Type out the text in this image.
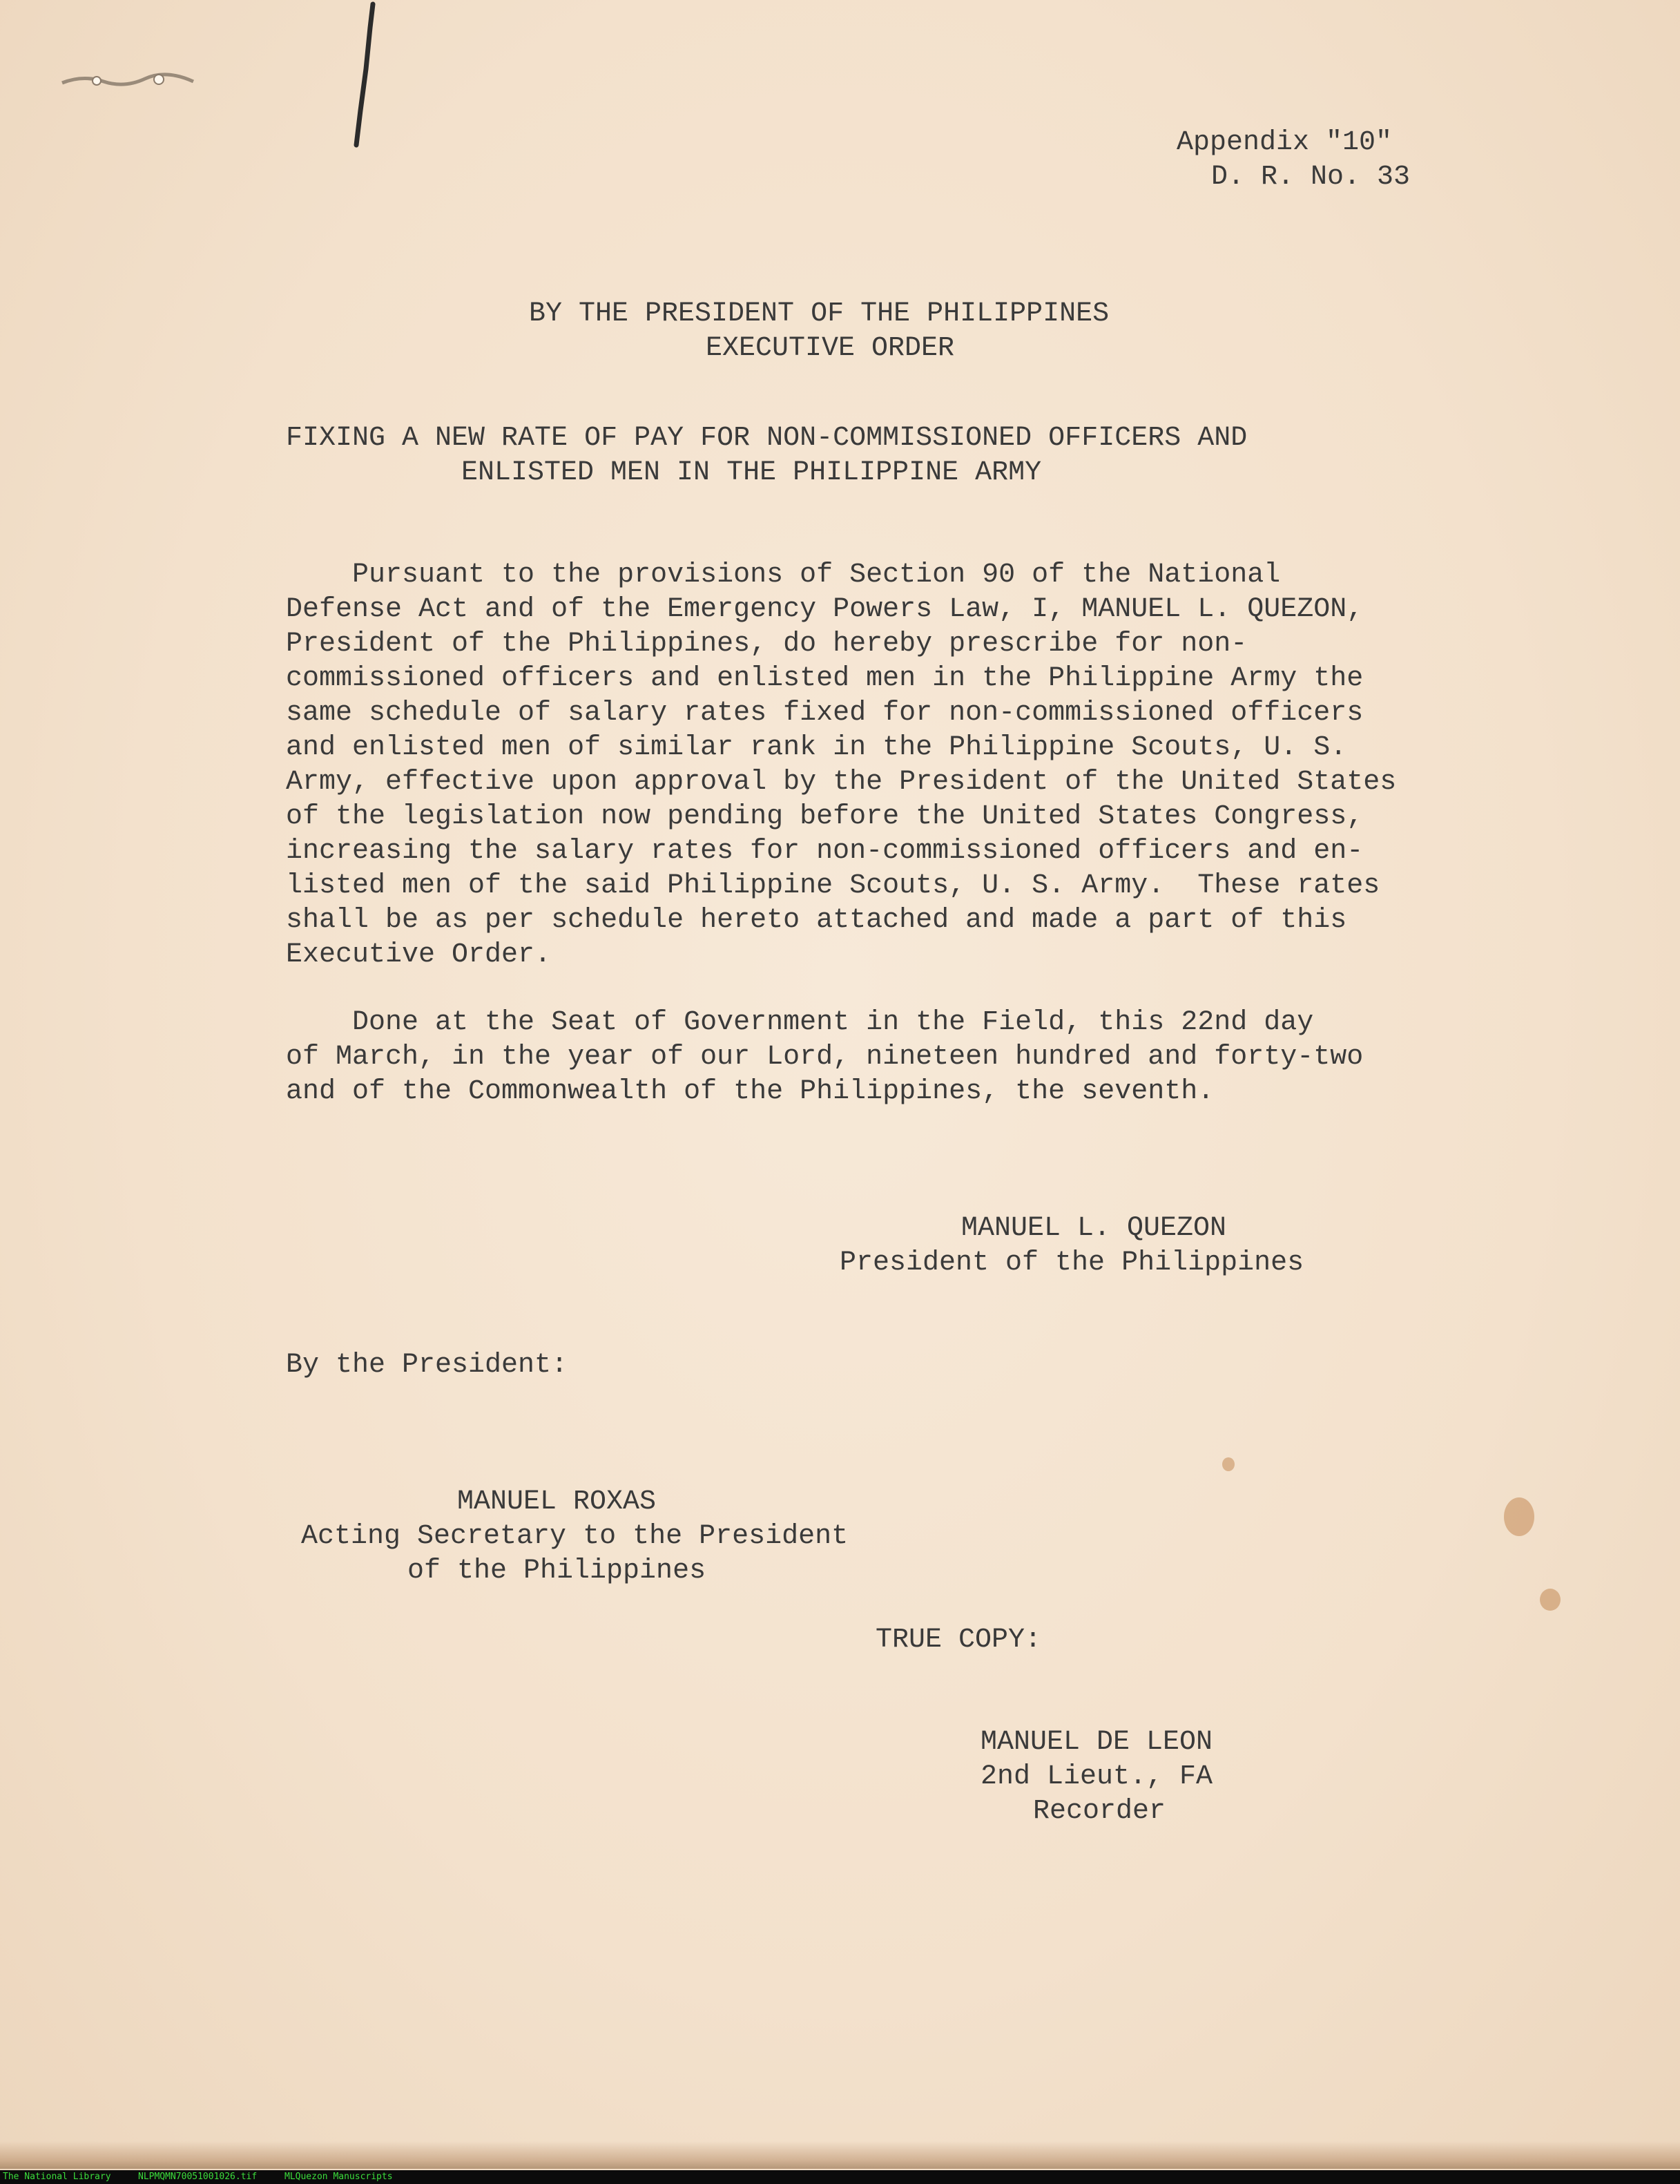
Appendix "10"
D. R. No. 33
BY THE PRESIDENT OF THE PHILIPPINES
EXECUTIVE ORDER
FIXING A NEW RATE OF PAY FOR NON-COMMISSIONED OFFICERS AND
ENLISTED MEN IN THE PHILIPPINE ARMY
Pursuant to the provisions of Section 90 of the National
Defense Act and of the Emergency Powers Law, I, MANUEL L. QUEZON,
President of the Philippines, do hereby prescribe for non-
commissioned officers and enlisted men in the Philippine Army the
same schedule of salary rates fixed for non-commissioned officers
and enlisted men of similar rank in the Philippine Scouts, U. S.
Army, effective upon approval by the President of the United States
of the legislation now pending before the United States Congress,
increasing the salary rates for non-commissioned officers and en-
listed men of the said Philippine Scouts, U. S. Army.  These rates
shall be as per schedule hereto attached and made a part of this
Executive Order.
Done at the Seat of Government in the Field, this 22nd day
of March, in the year of our Lord, nineteen hundred and forty-two
and of the Commonwealth of the Philippines, the seventh.
MANUEL L. QUEZON
President of the Philippines
By the President:
MANUEL ROXAS
Acting Secretary to the President
of the Philippines
TRUE COPY:
MANUEL DE LEON
2nd Lieut., FA
Recorder
The National Library	NLPMQMN70051001026.tif	MLQuezon Manuscripts
